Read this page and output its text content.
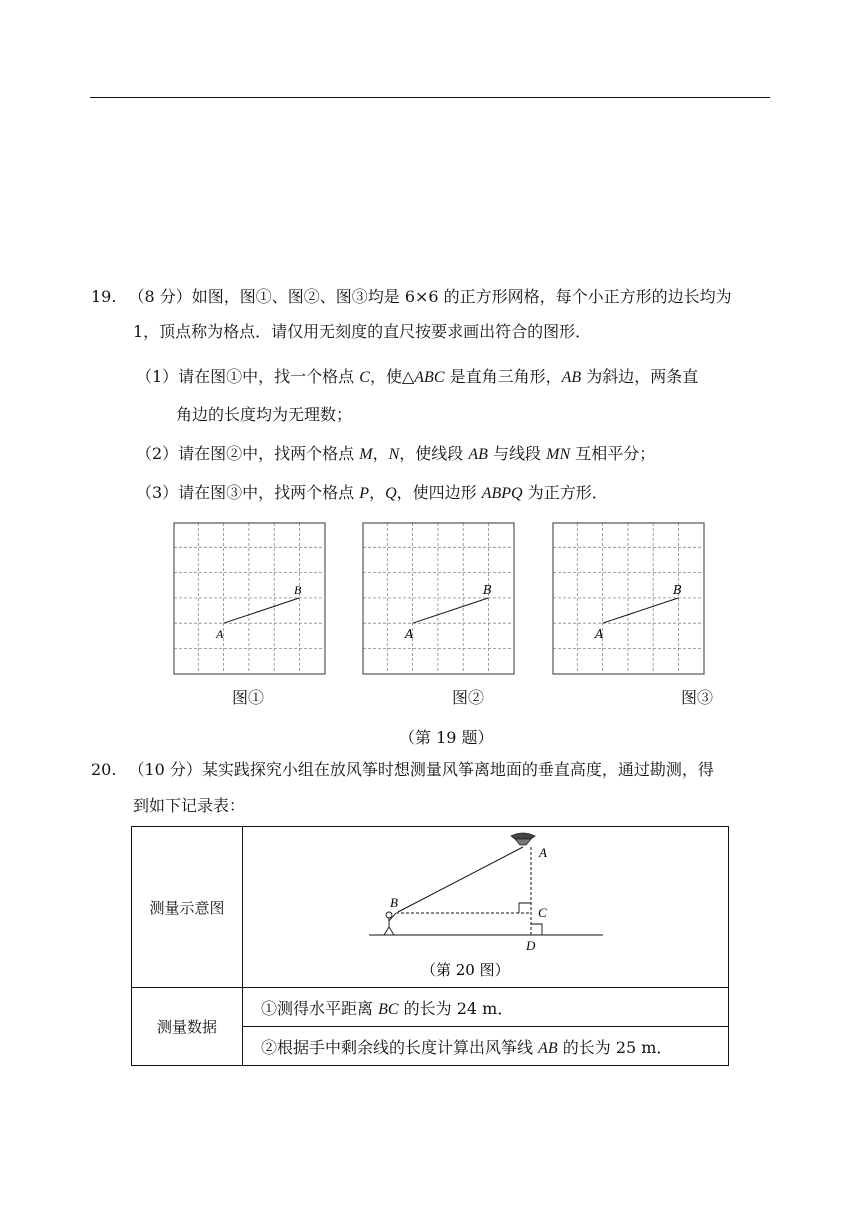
19. （8 分）如图，图①、图②、图③均是 6×6 的正方形网格，每个小正方形的边长均为
1，顶点称为格点．请仅用无刻度的直尺按要求画出符合的图形．
（1）请在图①中，找一个格点 C，使△ABC 是直角三角形，AB 为斜边，两条直
角边的长度均为无理数；
（2）请在图②中，找两个格点 M，N，使线段 AB 与线段 MN 互相平分；
（3）请在图③中，找两个格点 P，Q，使四边形 ABPQ 为正方形．
A
B
A
B
A
B
图①	图②	图③
（第 19 题）
20. （10 分）某实践探究小组在放风筝时想测量风筝离地面的垂直高度，通过勘测，得
到如下记录表：
测量示意图	A
B
C
D
（第 20 图）

测量数据	①测得水平距离 BC 的长为 24 m．
	②根据手中剩余线的长度计算出风筝线 AB 的长为 25 m．
